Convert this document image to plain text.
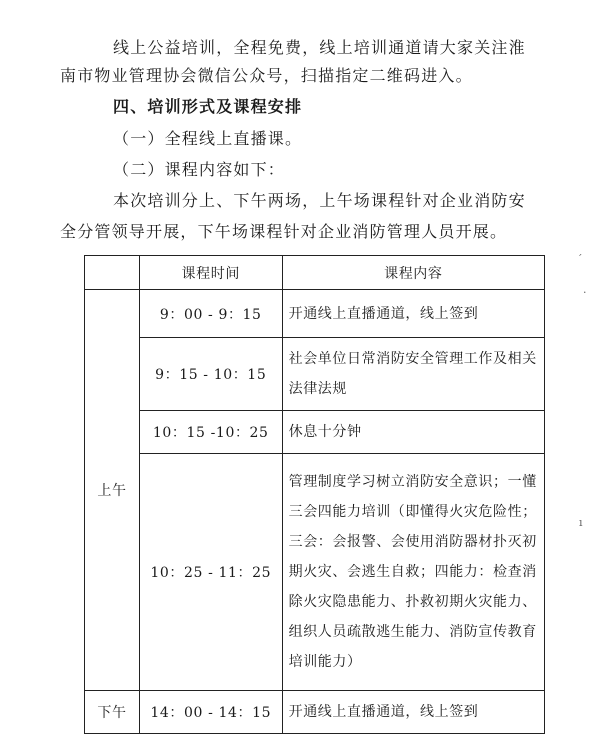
线上公益培训，全程免费，线上培训通道请大家关注淮
南市物业管理协会微信公众号，扫描指定二维码进入。
四、培训形式及课程安排
（一）全程线上直播课。
（二）课程内容如下：
本次培训分上、下午两场，上午场课程针对企业消防安
全分管领导开展，下午场课程针对企业消防管理人员开展。
	课程时间	课程内容
上午	9：00 - 9：15	开通线上直播通道，线上签到
	9：15 - 10：15	社会单位日常消防安全管理工作及相关法律法规
	10：15 -10：25	休息十分钟
	10：25 - 11：25	管理制度学习树立消防安全意识；一懂三会四能力培训（即懂得火灾危险性；三会：会报警、会使用消防器材扑灭初期火灾、会逃生自救；四能力：检查消除火灾隐患能力、扑救初期火灾能力、组织人员疏散逃生能力、消防宣传教育培训能力）
下午	14：00 - 14：15	开通线上直播通道，线上签到
ˊ
·
ı
